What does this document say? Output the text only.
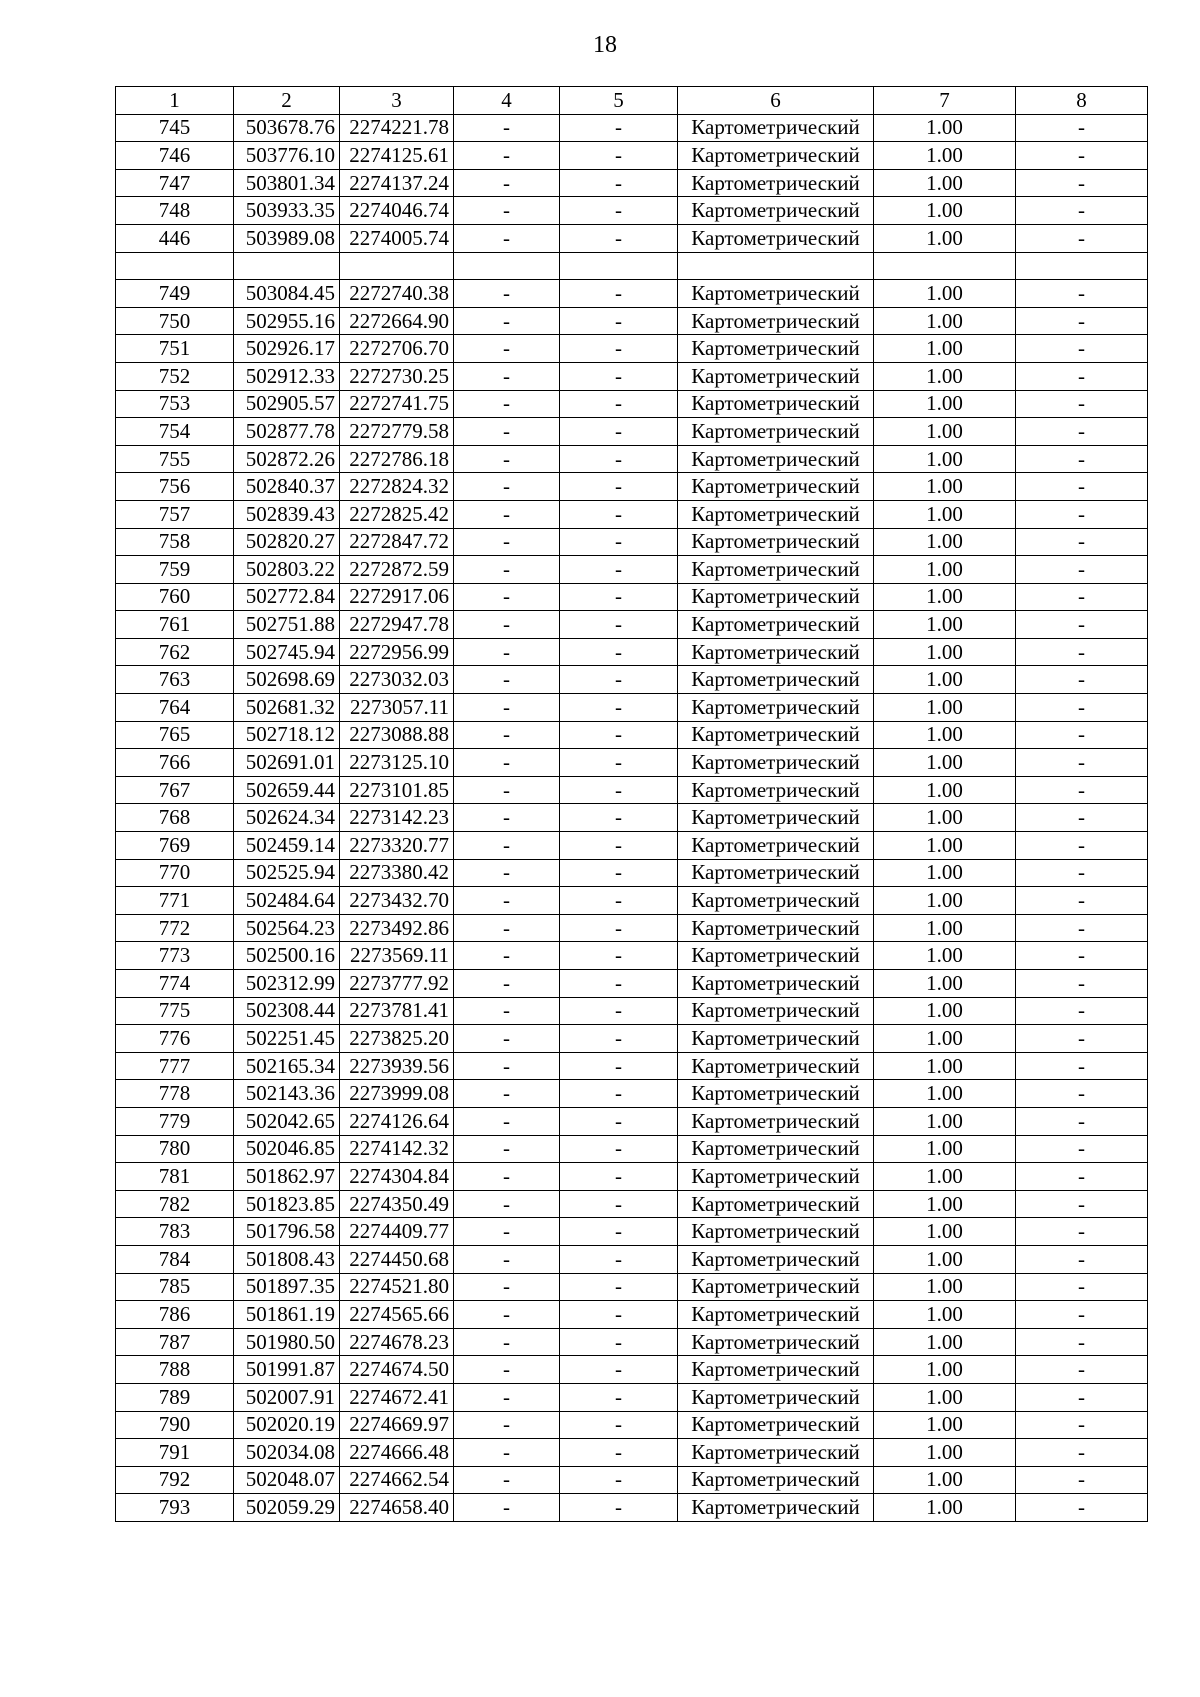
18
1	2	3	4	5	6	7	8
745	503678.76	2274221.78	-	-	Картометрический	1.00	-
746	503776.10	2274125.61	-	-	Картометрический	1.00	-
747	503801.34	2274137.24	-	-	Картометрический	1.00	-
748	503933.35	2274046.74	-	-	Картометрический	1.00	-
446	503989.08	2274005.74	-	-	Картометрический	1.00	-

749	503084.45	2272740.38	-	-	Картометрический	1.00	-
750	502955.16	2272664.90	-	-	Картометрический	1.00	-
751	502926.17	2272706.70	-	-	Картометрический	1.00	-
752	502912.33	2272730.25	-	-	Картометрический	1.00	-
753	502905.57	2272741.75	-	-	Картометрический	1.00	-
754	502877.78	2272779.58	-	-	Картометрический	1.00	-
755	502872.26	2272786.18	-	-	Картометрический	1.00	-
756	502840.37	2272824.32	-	-	Картометрический	1.00	-
757	502839.43	2272825.42	-	-	Картометрический	1.00	-
758	502820.27	2272847.72	-	-	Картометрический	1.00	-
759	502803.22	2272872.59	-	-	Картометрический	1.00	-
760	502772.84	2272917.06	-	-	Картометрический	1.00	-
761	502751.88	2272947.78	-	-	Картометрический	1.00	-
762	502745.94	2272956.99	-	-	Картометрический	1.00	-
763	502698.69	2273032.03	-	-	Картометрический	1.00	-
764	502681.32	2273057.11	-	-	Картометрический	1.00	-
765	502718.12	2273088.88	-	-	Картометрический	1.00	-
766	502691.01	2273125.10	-	-	Картометрический	1.00	-
767	502659.44	2273101.85	-	-	Картометрический	1.00	-
768	502624.34	2273142.23	-	-	Картометрический	1.00	-
769	502459.14	2273320.77	-	-	Картометрический	1.00	-
770	502525.94	2273380.42	-	-	Картометрический	1.00	-
771	502484.64	2273432.70	-	-	Картометрический	1.00	-
772	502564.23	2273492.86	-	-	Картометрический	1.00	-
773	502500.16	2273569.11	-	-	Картометрический	1.00	-
774	502312.99	2273777.92	-	-	Картометрический	1.00	-
775	502308.44	2273781.41	-	-	Картометрический	1.00	-
776	502251.45	2273825.20	-	-	Картометрический	1.00	-
777	502165.34	2273939.56	-	-	Картометрический	1.00	-
778	502143.36	2273999.08	-	-	Картометрический	1.00	-
779	502042.65	2274126.64	-	-	Картометрический	1.00	-
780	502046.85	2274142.32	-	-	Картометрический	1.00	-
781	501862.97	2274304.84	-	-	Картометрический	1.00	-
782	501823.85	2274350.49	-	-	Картометрический	1.00	-
783	501796.58	2274409.77	-	-	Картометрический	1.00	-
784	501808.43	2274450.68	-	-	Картометрический	1.00	-
785	501897.35	2274521.80	-	-	Картометрический	1.00	-
786	501861.19	2274565.66	-	-	Картометрический	1.00	-
787	501980.50	2274678.23	-	-	Картометрический	1.00	-
788	501991.87	2274674.50	-	-	Картометрический	1.00	-
789	502007.91	2274672.41	-	-	Картометрический	1.00	-
790	502020.19	2274669.97	-	-	Картометрический	1.00	-
791	502034.08	2274666.48	-	-	Картометрический	1.00	-
792	502048.07	2274662.54	-	-	Картометрический	1.00	-
793	502059.29	2274658.40	-	-	Картометрический	1.00	-
